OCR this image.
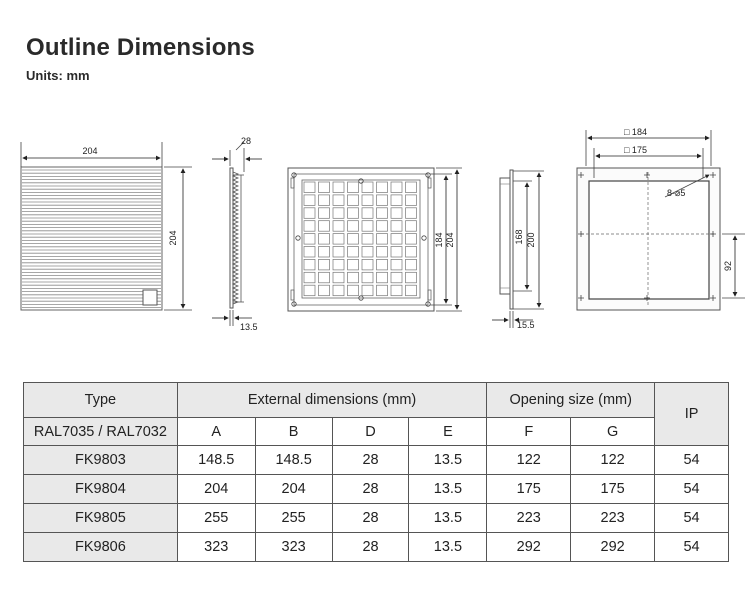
Outline Dimensions
Units: mm
204
204
28
13.5
184 204	168 200
15.5
8-⌀5
□ 184
□ 175
92
Type	External dimensions (mm)				Opening size (mm)		IP
RAL7035 / RAL7032	A	B	D	E	F	G	
FK9803	148.5	148.5	28	13.5	122	122	54
FK9804	204	204	28	13.5	175	175	54
FK9805	255	255	28	13.5	223	223	54
FK9806	323	323	28	13.5	292	292	54
